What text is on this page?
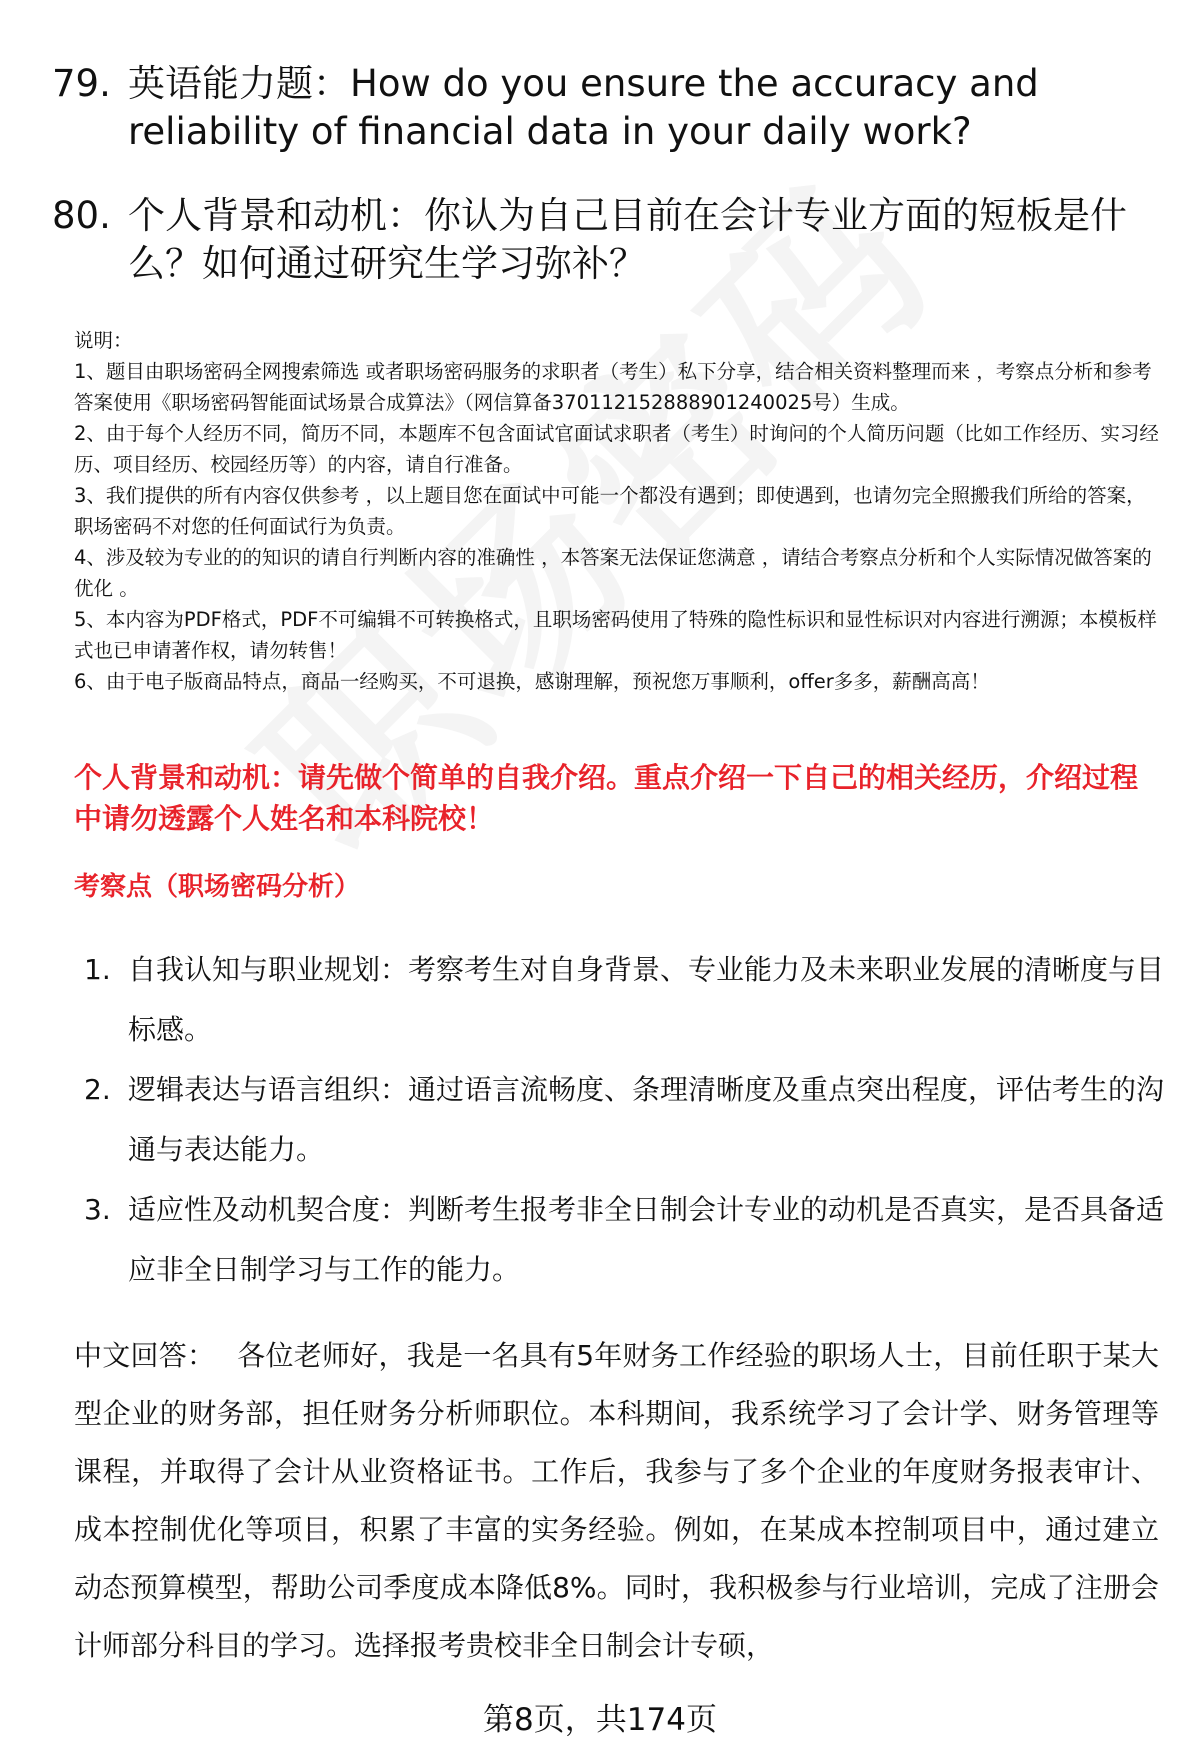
79. 英语能力题：How do you ensure the accuracy and reliability of financial data in your daily work?
80. 个人背景和动机：你认为自己目前在会计专业方面的短板是什么？如何通过研究生学习弥补？

说明：

1、题目由职场密码全网搜索筛选 或者职场密码服务的求职者（考生）私下分享，结合相关资料整理而来 ，考察点分析和参考答案使用《职场密码智能面试场景合成算法》（网信算备370112152888901240025号）生成。

2、由于每个人经历不同，简历不同，本题库不包含面试官面试求职者（考生）时询问的个人简历问题（比如工作经历、实习经历、项目经历、校园经历等）的内容，请自行准备。

3、我们提供的所有内容仅供参考 ，以上题目您在面试中可能一个都没有遇到；即使遇到，也请勿完全照搬我们所给的答案，职场密码不对您的任何面试行为负责。

4、涉及较为专业的的知识的请自行判断内容的准确性 ，本答案无法保证您满意 ，请结合考察点分析和个人实际情况做答案的优化 。

5、本内容为PDF格式，PDF不可编辑不可转换格式，且职场密码使用了特殊的隐性标识和显性标识对内容进行溯源；本模板样式也已申请著作权，请勿转售！

6、由于电子版商品特点，商品一经购买，不可退换，感谢理解，预祝您万事顺利，offer多多，薪酬高高！

个人背景和动机：请先做个简单的自我介绍。重点介绍一下自己的相关经历，介绍过程中请勿透露个人姓名和本科院校！
考察点（职场密码分析）
1. 自我认知与职业规划：考察考生对自身背景、专业能力及未来职业发展的清晰度与目标感。
2. 逻辑表达与语言组织：通过语言流畅度、条理清晰度及重点突出程度，评估考生的沟通与表达能力。
3. 适应性及动机契合度：判断考生报考非全日制会计专业的动机是否真实，是否具备适应非全日制学习与工作的能力。
中文回答： 各位老师好，我是一名具有5年财务工作经验的职场人士，目前任职于某大型企业的财务部，担任财务分析师职位。本科期间，我系统学习了会计学、财务管理等课程，并取得了会计从业资格证书。工作后，我参与了多个企业的年度财务报表审计、成本控制优化等项目，积累了丰富的实务经验。例如，在某成本控制项目中，通过建立动态预算模型，帮助公司季度成本降低8%。同时，我积极参与行业培训，完成了注册会计师部分科目的学习。选择报考贵校非全日制会计专硕，
第8页，共174页
